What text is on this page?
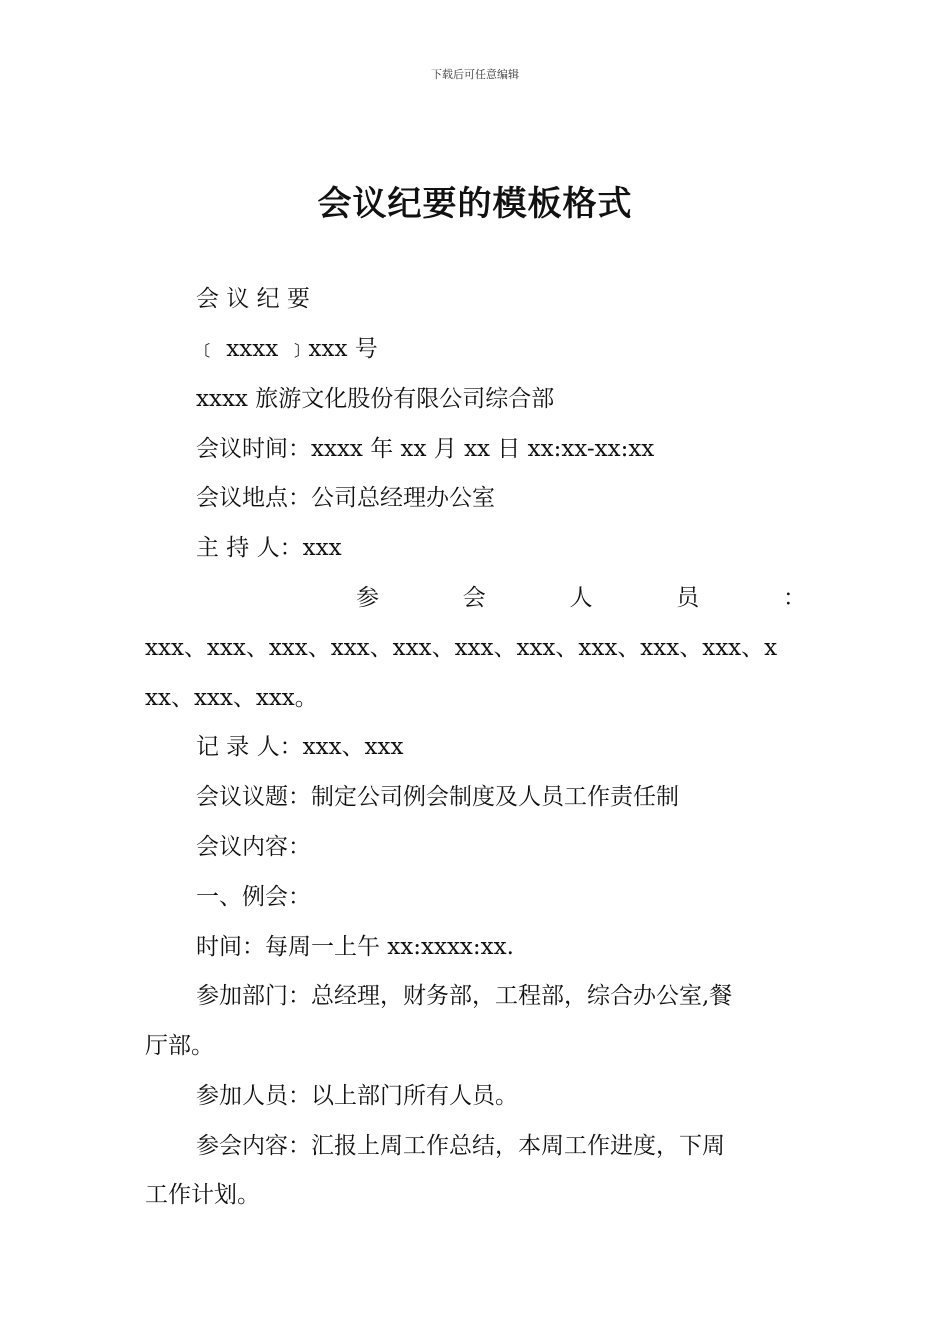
下载后可任意编辑
会议纪要的模板格式
会 议 纪 要
﹝ xxxx ﹞xxx 号
xxxx 旅游文化股份有限公司综合部
会议时间：xxxx 年 xx 月 xx 日 xx:xx-xx:xx
会议地点：公司总经理办公室
主 持 人：xxx
参	会	人	员	：
xxx、xxx、xxx、xxx、xxx、xxx、xxx、xxx、xxx、xxx、x
xx、xxx、xxx。
记 录 人：xxx、xxx
会议议题：制定公司例会制度及人员工作责任制
会议内容：
一、例会：
时间：每周一上午 xx:xxxx:xx.
参加部门：总经理，财务部，工程部，综合办公室,餐
厅部。
参加人员：以上部门所有人员。
参会内容：汇报上周工作总结，本周工作进度，下周
工作计划。
